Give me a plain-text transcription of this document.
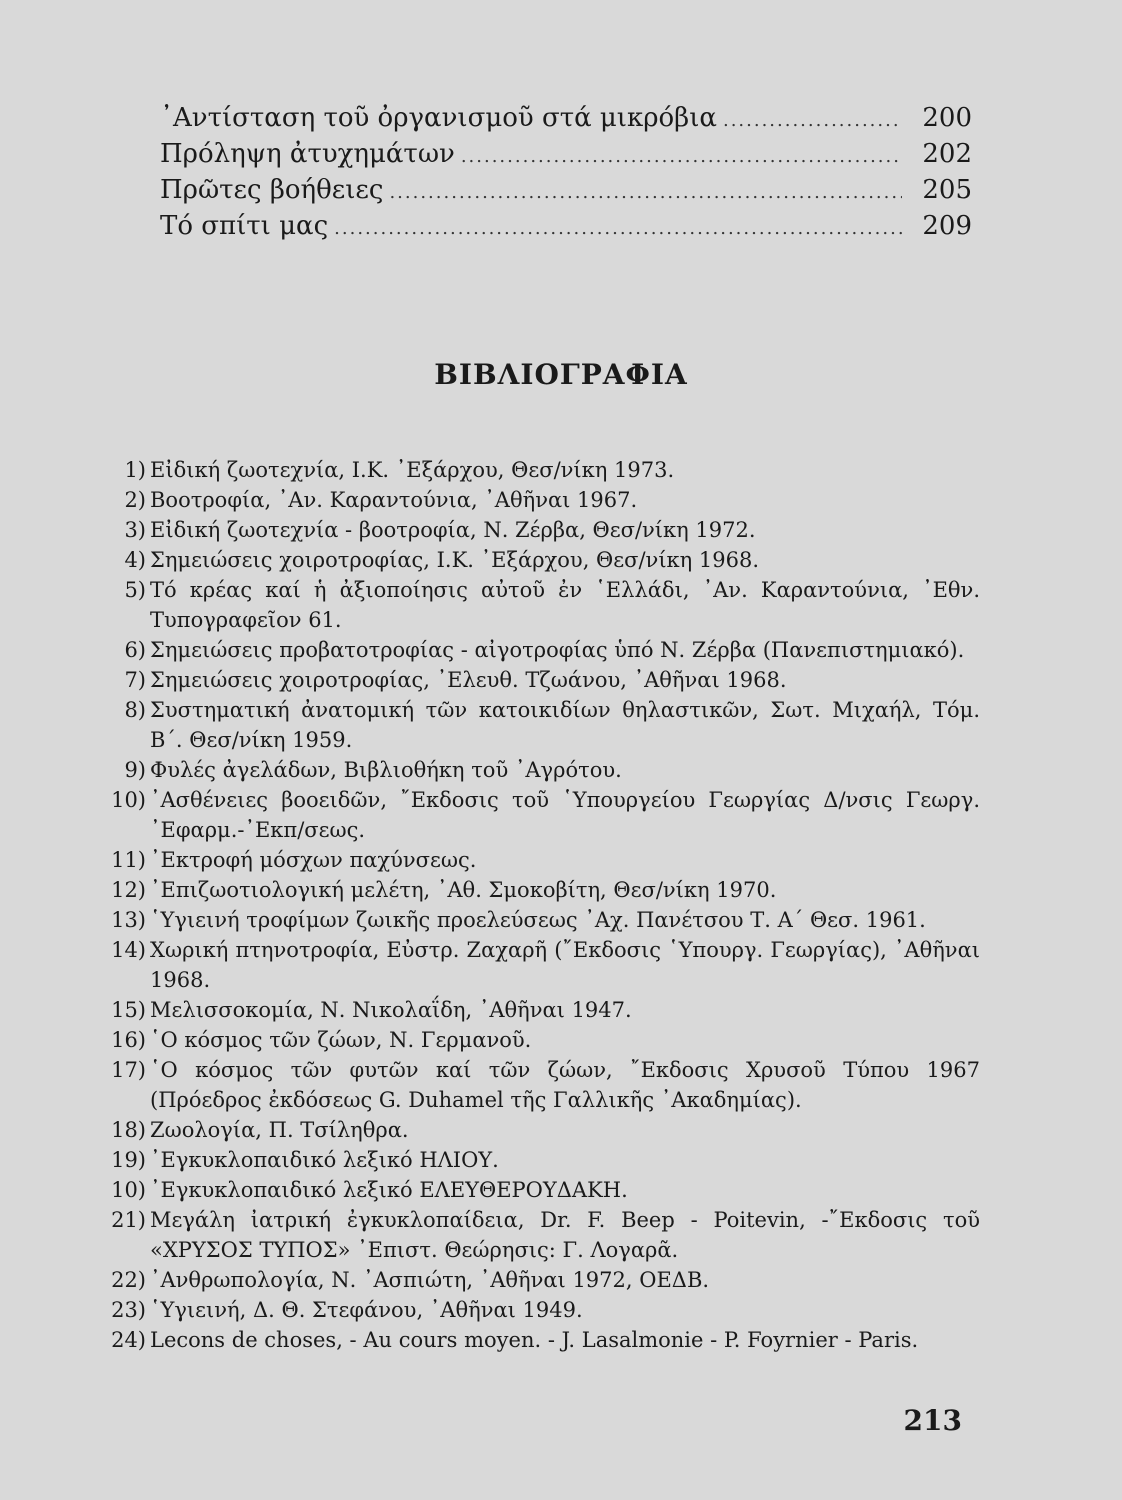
᾿Αντίσταση τοῦ ὀργανισμοῦ στά μικρόβια .....	200
Πρόληψη ἀτυχημάτων .....	202
Πρῶτες βοήθειες .....	205
Τό σπίτι μας .....	209
ΒΙΒΛΙΟΓΡΑΦΙΑ
1) Εἰδική ζωοτεχνία, Ι.Κ. ᾿Εξάρχου, Θεσ/νίκη 1973.
2) Βοοτροφία, ᾿Αν. Καραντούνια, ᾿Αθῆναι 1967.
3) Εἰδική ζωοτεχνία - βοοτροφία, Ν. Ζέρβα, Θεσ/νίκη 1972.
4) Σημειώσεις χοιροτροφίας, Ι.Κ. ᾿Εξάρχου, Θεσ/νίκη 1968.
5) Τό κρέας καί ἡ ἀξιοποίησις αὐτοῦ ἐν ῾Ελλάδι, ᾿Αν. Καραντούνια, ᾿Εθν. Τυπογραφεῖον 61.
6) Σημειώσεις προβατοτροφίας - αἰγοτροφίας ὑπό Ν. Ζέρβα (Πανεπιστημιακό).
7) Σημειώσεις χοιροτροφίας, ᾿Ελευθ. Τζωάνου, ᾿Αθῆναι 1968.
8) Συστηματική ἀνατομική τῶν κατοικιδίων θηλαστικῶν, Σωτ. Μιχαήλ, Τόμ. Β΄. Θεσ/νίκη 1959.
9) Φυλές ἀγελάδων, Βιβλιοθήκη τοῦ ᾿Αγρότου.
10) ᾿Ασθένειες βοοειδῶν, ῎Εκδοσις τοῦ ῾Υπουργείου Γεωργίας Δ/νσις Γεωργ. ᾿Εφαρμ.-᾿Εκπ/σεως.
11) ᾿Εκτροφή μόσχων παχύνσεως.
12) ᾿Επιζωοτιολογική μελέτη, ᾿Αθ. Σμοκοβίτη, Θεσ/νίκη 1970.
13) ῾Υγιεινή τροφίμων ζωικῆς προελεύσεως ᾿Αχ. Πανέτσου Τ. Α΄ Θεσ. 1961.
14) Χωρική πτηνοτροφία, Εὐστρ. Ζαχαρῆ (῎Εκδοσις ῾Υπουργ. Γεωργίας), ᾿Αθῆναι 1968.
15) Μελισσοκομία, Ν. Νικολαΐδη, ᾿Αθῆναι 1947.
16) ῾Ο κόσμος τῶν ζώων, Ν. Γερμανοῦ.
17) ῾Ο κόσμος τῶν φυτῶν καί τῶν ζώων, ῎Εκδοσις Χρυσοῦ Τύπου 1967 (Πρόεδρος ἐκδόσεως G. Duhamel τῆς Γαλλικῆς ᾿Ακαδημίας).
18) Ζωολογία, Π. Τσίληθρα.
19) ᾿Εγκυκλοπαιδικό λεξικό ΗΛΙΟΥ.
10) ᾿Εγκυκλοπαιδικό λεξικό ΕΛΕΥΘΕΡΟΥΔΑΚΗ.
21) Μεγάλη ἰατρική ἐγκυκλοπαίδεια, Dr. F. Beep - Poitevin, -῎Εκδοσις τοῦ «ΧΡΥΣΟΣ ΤΥΠΟΣ» ᾿Επιστ. Θεώρησις: Γ. Λογαρᾶ.
22) ᾿Ανθρωπολογία, Ν. ᾿Ασπιώτη, ᾿Αθῆναι 1972, ΟΕΔΒ.
23) ῾Υγιεινή, Δ. Θ. Στεφάνου, ᾿Αθῆναι 1949.
24) Lecons de choses, - Au cours moyen. - J. Lasalmonie - P. Foyrnier - Paris.
213
